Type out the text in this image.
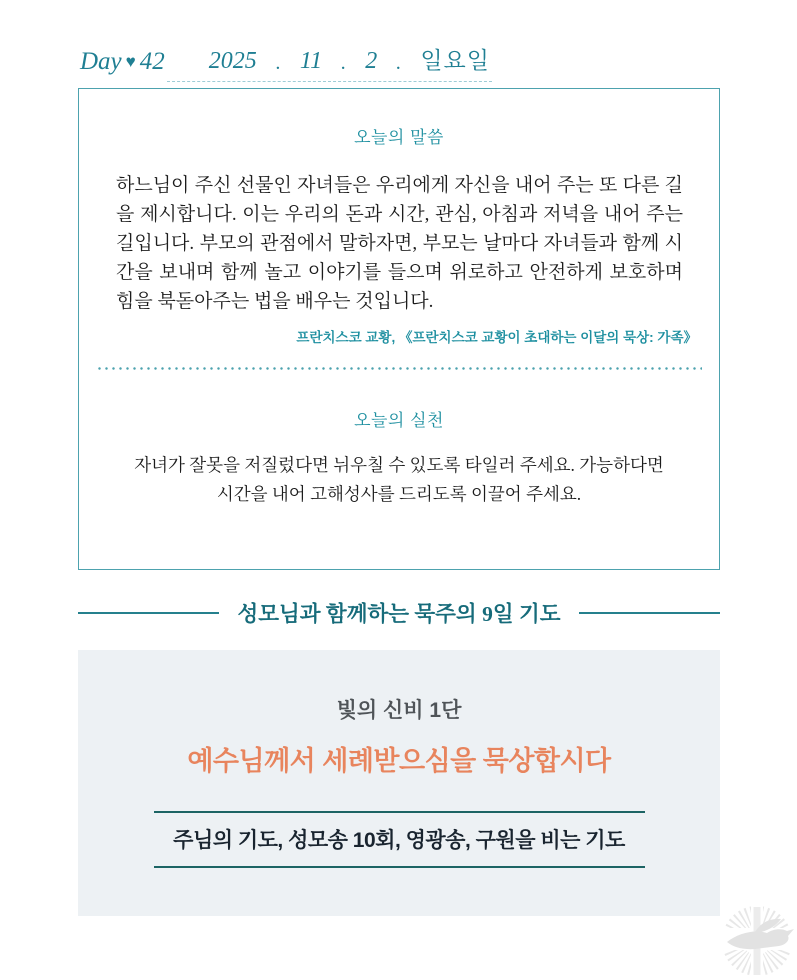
Day ♥ 42 2025 . 11 . 2 . 일요일
오늘의 말씀

하느님이 주신 선물인 자녀들은 우리에게 자신을 내어 주는 또 다른 길을 제시합니다. 이는 우리의 돈과 시간, 관심, 아침과 저녁을 내어 주는 길입니다. 부모의 관점에서 말하자면, 부모는 날마다 자녀들과 함께 시간을 보내며 함께 놀고 이야기를 들으며 위로하고 안전하게 보호하며 힘을 북돋아주는 법을 배우는 것입니다.

프란치스코 교황, 《프란치스코 교황이 초대하는 이달의 묵상: 가족》

오늘의 실천

자녀가 잘못을 저질렀다면 뉘우칠 수 있도록 타일러 주세요. 가능하다면
시간을 내어 고해성사를 드리도록 이끌어 주세요.

성모님과 함께하는 묵주의 9일 기도
빛의 신비 1단
예수님께서 세례받으심을 묵상합시다
주님의 기도, 성모송 10회, 영광송, 구원을 비는 기도
